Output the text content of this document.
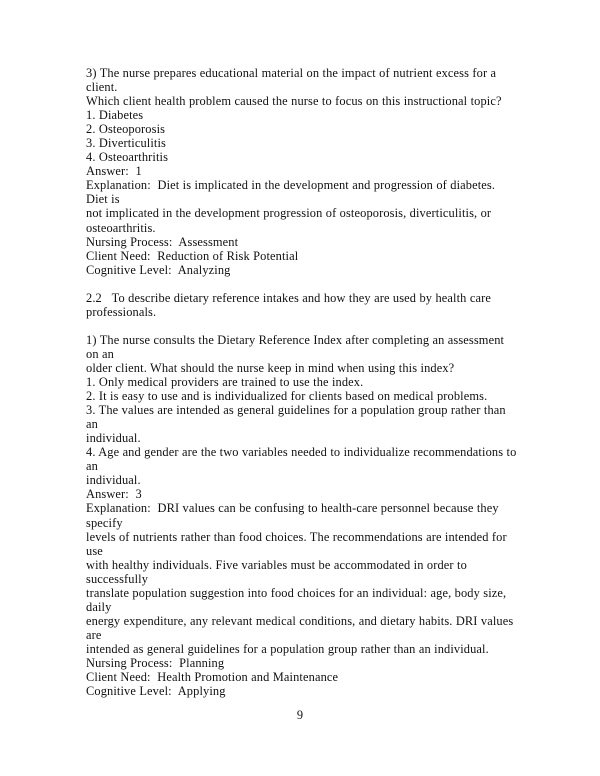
3) The nurse prepares educational material on the impact of nutrient excess for a client.
Which client health problem caused the nurse to focus on this instructional topic?
1. Diabetes
2. Osteoporosis
3. Diverticulitis
4. Osteoarthritis
Answer:  1
Explanation:  Diet is implicated in the development and progression of diabetes. Diet is
not implicated in the development progression of osteoporosis, diverticulitis, or
osteoarthritis.
Nursing Process:  Assessment
Client Need:  Reduction of Risk Potential
Cognitive Level:  Analyzing
2.2   To describe dietary reference intakes and how they are used by health care
professionals.
1) The nurse consults the Dietary Reference Index after completing an assessment on an
older client. What should the nurse keep in mind when using this index?
1. Only medical providers are trained to use the index.
2. It is easy to use and is individualized for clients based on medical problems.
3. The values are intended as general guidelines for a population group rather than an
individual.
4. Age and gender are the two variables needed to individualize recommendations to an
individual.
Answer:  3
Explanation:  DRI values can be confusing to health-care personnel because they specify
levels of nutrients rather than food choices. The recommendations are intended for use
with healthy individuals. Five variables must be accommodated in order to successfully
translate population suggestion into food choices for an individual: age, body size, daily
energy expenditure, any relevant medical conditions, and dietary habits. DRI values are
intended as general guidelines for a population group rather than an individual.
Nursing Process:  Planning
Client Need:  Health Promotion and Maintenance
Cognitive Level:  Applying
9
